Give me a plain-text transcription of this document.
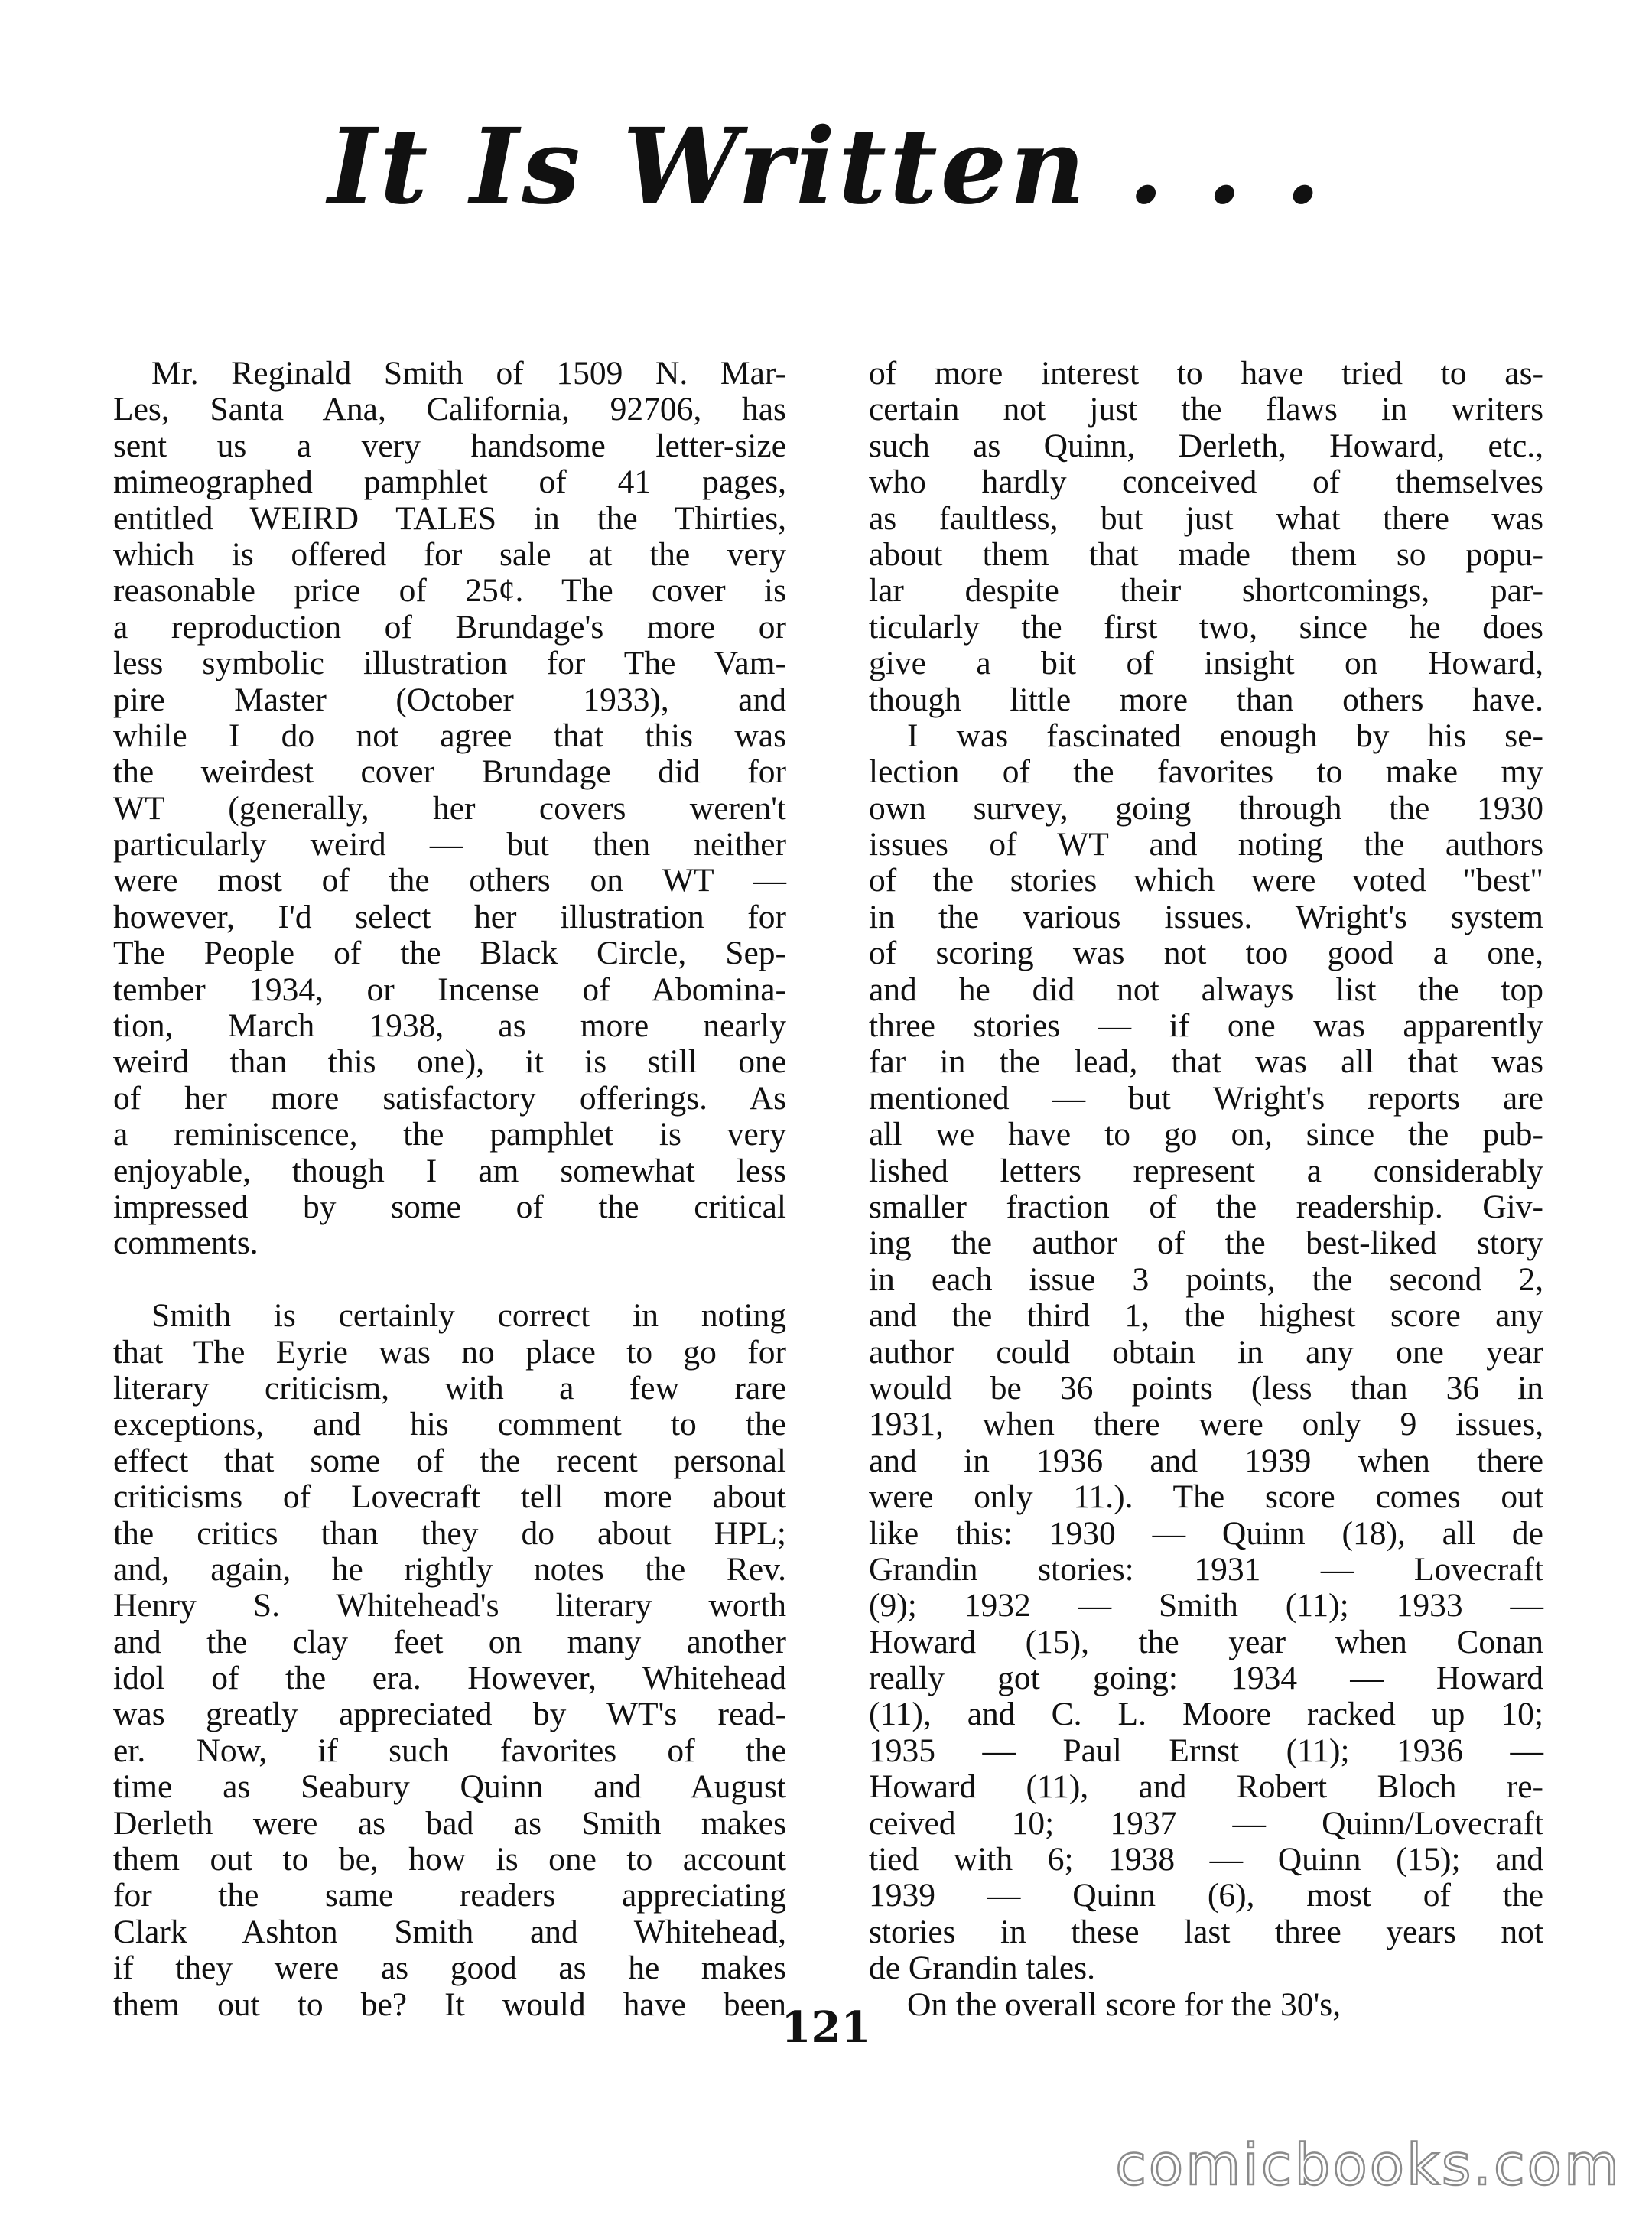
It Is Written . . .
Mr. Reginald Smith of 1509 N. Mar-
Les, Santa Ana, California, 92706, has
sent us a very handsome letter-size
mimeographed pamphlet of 41 pages,
entitled WEIRD TALES in the Thirties,
which is offered for sale at the very
reasonable price of 25¢. The cover is
a reproduction of Brundage's more or
less symbolic illustration for The Vam-
pire Master (October 1933), and
while I do not agree that this was
the weirdest cover Brundage did for
WT (generally, her covers weren't
particularly weird — but then neither
were most of the others on WT —
however, I'd select her illustration for
The People of the Black Circle, Sep-
tember 1934, or Incense of Abomina-
tion, March 1938, as more nearly
weird than this one), it is still one
of her more satisfactory offerings. As
a reminiscence, the pamphlet is very
enjoyable, though I am somewhat less
impressed by some of the critical
comments.
Smith is certainly correct in noting
that The Eyrie was no place to go for
literary criticism, with a few rare
exceptions, and his comment to the
effect that some of the recent personal
criticisms of Lovecraft tell more about
the critics than they do about HPL;
and, again, he rightly notes the Rev.
Henry S. Whitehead's literary worth
and the clay feet on many another
idol of the era. However, Whitehead
was greatly appreciated by WT's read-
er. Now, if such favorites of the
time as Seabury Quinn and August
Derleth were as bad as Smith makes
them out to be, how is one to account
for the same readers appreciating
Clark Ashton Smith and Whitehead,
if they were as good as he makes
them out to be? It would have been
of more interest to have tried to as-
certain not just the flaws in writers
such as Quinn, Derleth, Howard, etc.,
who hardly conceived of themselves
as faultless, but just what there was
about them that made them so popu-
lar despite their shortcomings, par-
ticularly the first two, since he does
give a bit of insight on Howard,
though little more than others have.
I was fascinated enough by his se-
lection of the favorites to make my
own survey, going through the 1930
issues of WT and noting the authors
of the stories which were voted "best"
in the various issues. Wright's system
of scoring was not too good a one,
and he did not always list the top
three stories — if one was apparently
far in the lead, that was all that was
mentioned — but Wright's reports are
all we have to go on, since the pub-
lished letters represent a considerably
smaller fraction of the readership. Giv-
ing the author of the best-liked story
in each issue 3 points, the second 2,
and the third 1, the highest score any
author could obtain in any one year
would be 36 points (less than 36 in
1931, when there were only 9 issues,
and in 1936 and 1939 when there
were only 11.). The score comes out
like this: 1930 — Quinn (18), all de
Grandin stories: 1931 — Lovecraft
(9); 1932 — Smith (11); 1933 —
Howard (15), the year when Conan
really got going: 1934 — Howard
(11), and C. L. Moore racked up 10;
1935 — Paul Ernst (11); 1936 —
Howard (11), and Robert Bloch re-
ceived 10; 1937 — Quinn/Lovecraft
tied with 6; 1938 — Quinn (15); and
1939 — Quinn (6), most of the
stories in these last three years not
de Grandin tales.
On the overall score for the 30's,
121
comicbooks.com
